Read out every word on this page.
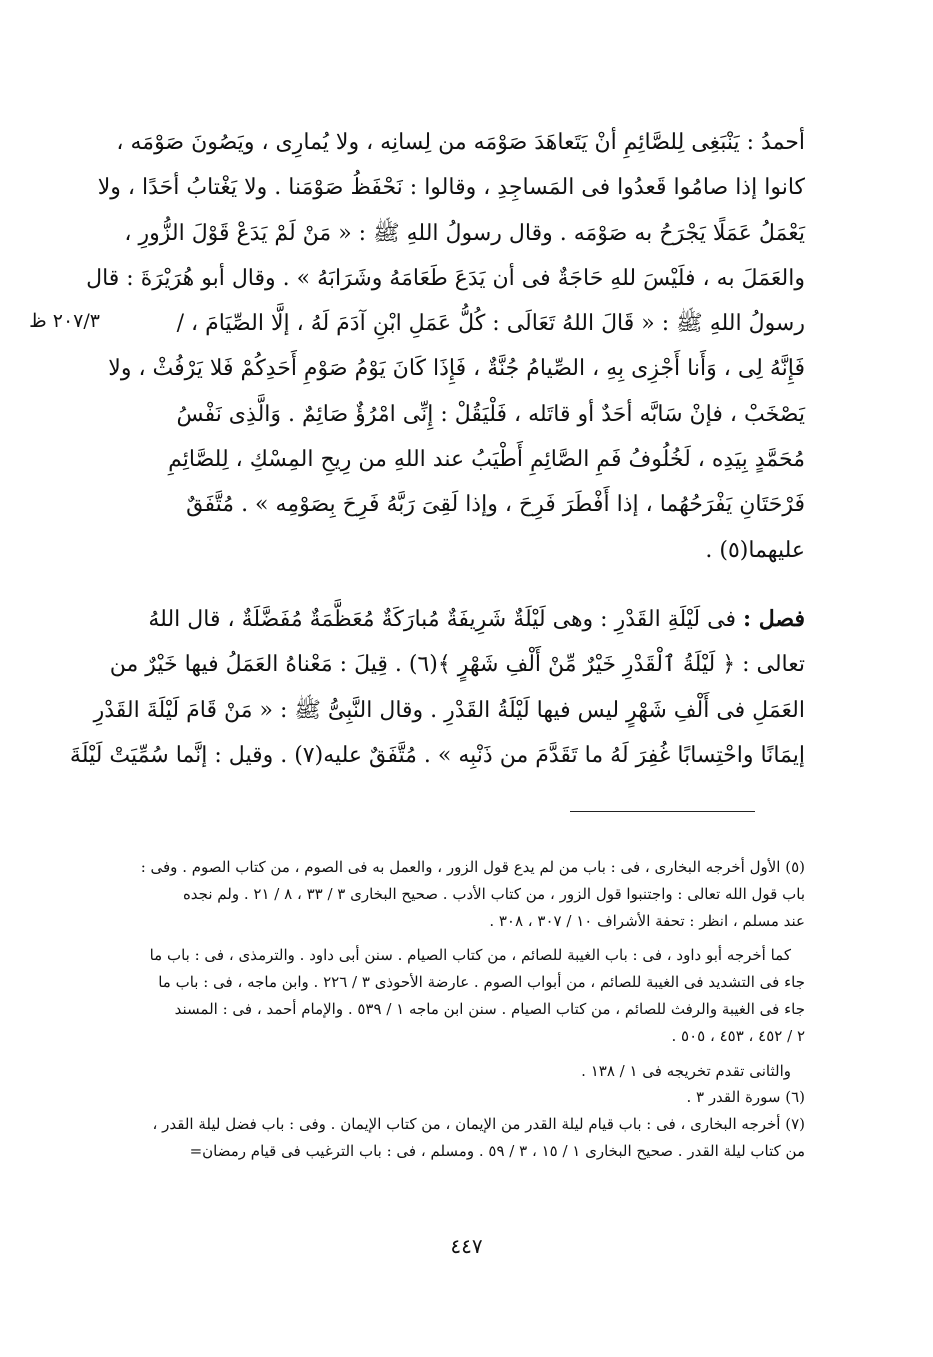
أحمدُ : يَنْبَغِى لِلصَّائِمِ أنْ يَتَعاهَدَ صَوْمَه من لِسانِه ، ولا يُمارِى ، ويَصُونَ صَوْمَه ،
كانوا إذا صامُوا قَعدُوا فى المَساجِدِ ، وقالوا : نَحْفَظُ صَوْمَنا . ولا يَغْتابُ أحَدًا ، ولا
يَعْمَلُ عَمَلًا يَجْرَحُ به صَوْمَه . وقال رسولُ اللهِ ﷺ : « مَنْ لَمْ يَدَعْ قَوْلَ الزُّورِ ،
والعَمَلَ به ، فلَيْسَ للهِ حَاجَةٌ فى أن يَدَعَ طَعَامَهُ وشَرَابَهُ » . وقال أبو هُرَيْرَةَ : قال
رسولُ اللهِ ﷺ : « قَالَ اللهُ تَعَالَى : كُلُّ عَمَلِ ابْنِ آدَمَ لَهُ ، إلَّا الصِّيَامَ ، /
فَإِنَّهُ لِى ، وَأَنا أَجْزِى بِهِ ، الصِّيامُ جُنَّةٌ ، فَإِذَا كَانَ يَوْمُ صَوْمِ أَحَدِكُمْ فَلا يَرْفُثْ ، ولا
يَصْخَبْ ، فإنْ سَابَّه أحَدٌ أو قاتَله ، فَلْيَقُلْ : إِنِّى امْرُؤٌ صَائِمٌ . وَالَّذِى نَفْسُ
مُحَمَّدٍ بِيَدِه ، لَخُلُوفُ فَمِ الصَّائِمِ أَطْيَبُ عند اللهِ من رِيحِ المِسْكِ ، لِلصَّائِمِ
فَرْحَتَانِ يَفْرَحُهُما ، إذا أَفْطَرَ فَرِحَ ، وإذا لَقِىَ رَبَّهُ فَرِحَ بِصَوْمِه » . مُتَّفَقٌ
عليهما(٥) .
فصل : فى لَيْلَةِ القَدْرِ : وهى لَيْلَةٌ شَرِيفَةٌ مُبارَكَةٌ مُعَظَّمَةٌ مُفَضَّلَةٌ ، قال اللهُ
تعالى : ﴿ لَيْلَةُ ٱلْقَدْرِ خَيْرٌ مِّنْ أَلْفِ شَهْرٍ ﴾(٦) . قِيلَ : مَعْناهُ العَمَلُ فيها خَيْرٌ من
العَمَلِ فى أَلْفِ شَهْرٍ ليس فيها لَيْلَةُ القَدْرِ . وقال النَّبِىُّ ﷺ : « مَنْ قَامَ لَيْلَةَ القَدْرِ
إيمَانًا واحْتِسابًا غُفِرَ لَهُ ما تَقَدَّمَ من ذَنْبِه » . مُتَّفَقٌ عليه(٧) . وقيل : إنَّما سُمِّيَتْ لَيْلَةَ
٢٠٧/٣ ظ
(٥) الأول أخرجه البخارى ، فى : باب من لم يدع قول الزور ، والعمل به فى الصوم ، من كتاب الصوم . وفى :
باب قول الله تعالى : واجتنبوا قول الزور ، من كتاب الأدب . صحيح البخارى ٣ / ٣٣ ، ٨ / ٢١ . ولم نجده
عند مسلم ، انظر : تحفة الأشراف ١٠ / ٣٠٧ ، ٣٠٨ .
كما أخرجه أبو داود ، فى : باب الغيبة للصائم ، من كتاب الصيام . سنن أبى داود . والترمذى ، فى : باب ما
جاء فى التشديد فى الغيبة للصائم ، من أبواب الصوم . عارضة الأحوذى ٣ / ٢٢٦ . وابن ماجه ، فى : باب ما
جاء فى الغيبة والرفث للصائم ، من كتاب الصيام . سنن ابن ماجه ١ / ٥٣٩ . والإمام أحمد ، فى : المسند
٢ / ٤٥٢ ، ٤٥٣ ، ٥٠٥ .
والثانى تقدم تخريجه فى ١ / ١٣٨ .
(٦) سورة القدر ٣ .
(٧) أخرجه البخارى ، فى : باب قيام ليلة القدر من الإيمان ، من كتاب الإيمان . وفى : باب فضل ليلة القدر ،
من كتاب ليلة القدر . صحيح البخارى ١ / ١٥ ، ٣ / ٥٩ . ومسلم ، فى : باب الترغيب فى قيام رمضان=
٤٤٧
